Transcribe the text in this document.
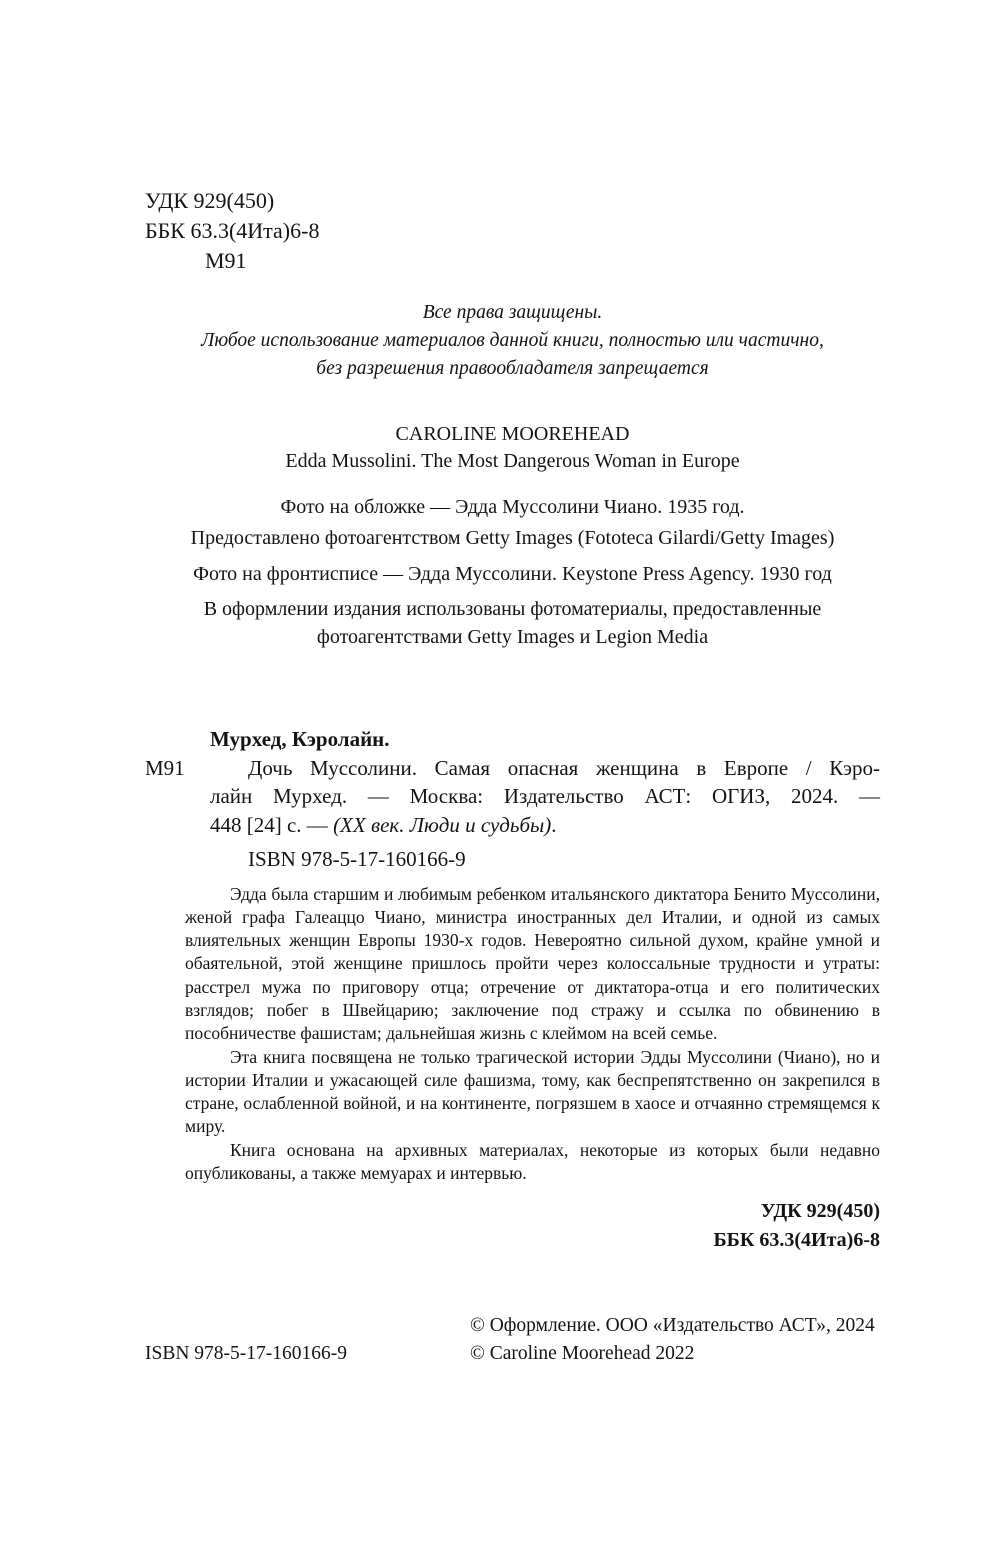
УДК 929(450)
ББК 63.3(4Ита)6-8
М91
Все права защищены.
Любое использование материалов данной книги, полностью или частично,
без разрешения правообладателя запрещается
CAROLINE MOOREHEAD
Edda Mussolini. The Most Dangerous Woman in Europe
Фото на обложке — Эдда Муссолини Чиано. 1935 год.
Предоставлено фотоагентством Getty Images (Fototeca Gilardi/Getty Images)
Фото на фронтисписе — Эдда Муссолини. Keystone Press Agency. 1930 год
В оформлении издания использованы фотоматериалы, предоставленные
фотоагентствами Getty Images и Legion Media
Мурхед, Кэролайн.
М91	Дочь Муссолини. Самая опасная женщина в Европе / Кэро-
лайн Мурхед. — Москва: Издательство АСТ: ОГИЗ, 2024. —
448 [24] с. — (ХХ век. Люди и судьбы).
ISBN 978-5-17-160166-9

Эдда была старшим и любимым ребенком итальянского диктатора Бенито Муссолини, женой графа Галеаццо Чиано, министра иностранных дел Италии, и одной из самых влиятельных женщин Европы 1930-х годов. Невероятно сильной духом, крайне умной и обаятельной, этой женщине пришлось пройти через колоссальные трудности и утраты: расстрел мужа по приговору отца; отречение от диктатора-отца и его политических взглядов; побег в Швейцарию; заключение под стражу и ссылка по обвинению в пособничестве фашистам; дальнейшая жизнь с клеймом на всей семье.

Эта книга посвящена не только трагической истории Эдды Муссолини (Чиано), но и истории Италии и ужасающей силе фашизма, тому, как беспрепятственно он закрепился в стране, ослабленной войной, и на континенте, погрязшем в хаосе и отчаянно стремящемся к миру.

Книга основана на архивных материалах, некоторые из которых были недавно опубликованы, а также мемуарах и интервью.

УДК 929(450)
ББК 63.3(4Ита)6-8
ISBN 978-5-17-160166-9
© Оформление. ООО «Издательство АСТ», 2024
© Caroline Moorehead 2022
